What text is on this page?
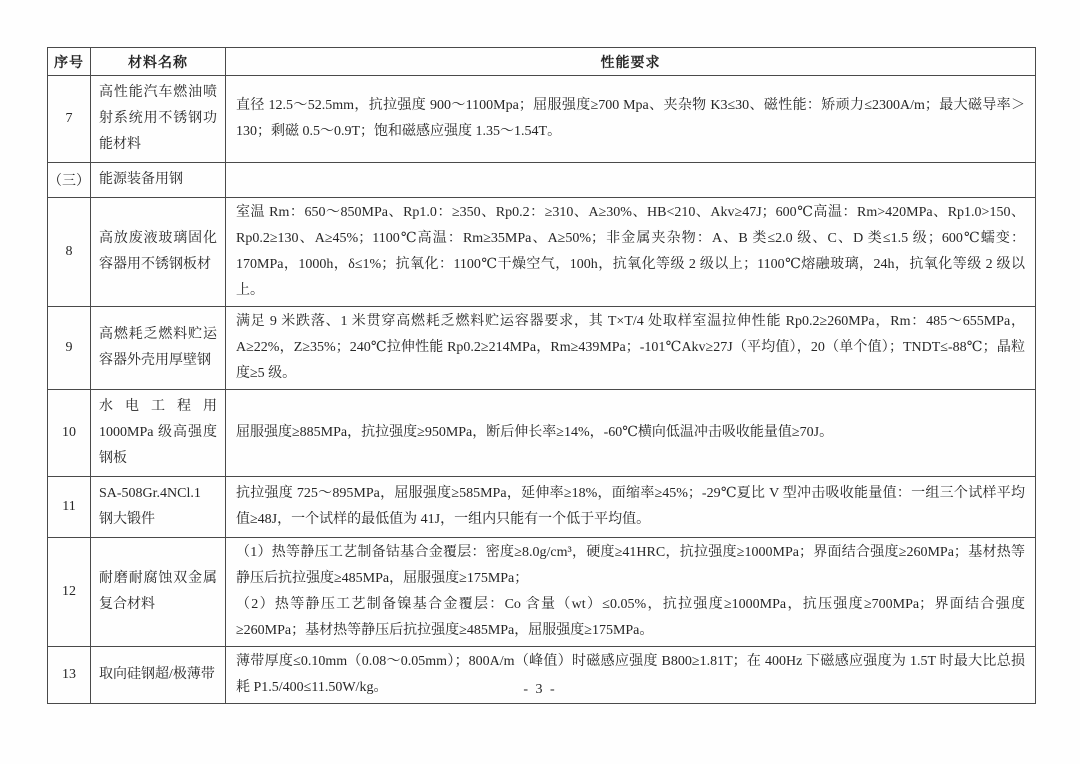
序号	材料名称	性能要求
7	高性能汽车燃油喷射系统用不锈钢功能材料	直径 12.5～52.5mm，抗拉强度 900～1100Mpa；屈服强度≥700 Mpa、夹杂物 K3≤30、磁性能：矫顽力≤2300A/m；最大磁导率＞130；剩磁 0.5～0.9T；饱和磁感应强度 1.35～1.54T。
（三）	能源装备用钢	
8	高放废液玻璃固化容器用不锈钢板材	室温 Rm：650～850MPa、Rp1.0：≥350、Rp0.2：≥310、A≥30%、HB<210、Akv≥47J；600℃高温：Rm>420MPa、Rp1.0>150、Rp0.2≥130、A≥45%；1100℃高温：Rm≥35MPa、A≥50%；非金属夹杂物：A、B 类≤2.0 级、C、D 类≤1.5 级；600℃蠕变：170MPa，1000h，δ≤1%；抗氧化：1100℃干燥空气，100h，抗氧化等级 2 级以上；1100℃熔融玻璃，24h，抗氧化等级 2 级以上。
9	高燃耗乏燃料贮运容器外壳用厚壁钢	满足 9 米跌落、1 米贯穿高燃耗乏燃料贮运容器要求，其 T×T/4 处取样室温拉伸性能 Rp0.2≥260MPa，Rm：485～655MPa，A≥22%，Z≥35%；240℃拉伸性能 Rp0.2≥214MPa，Rm≥439MPa；-101℃Akv≥27J（平均值），20（单个值）；TNDT≤-88℃；晶粒度≥5 级。
10	水电工程用 1000MPa 级高强度钢板	屈服强度≥885MPa，抗拉强度≥950MPa，断后伸长率≥14%，-60℃横向低温冲击吸收能量值≥70J。
11	SA-508Gr.4NCl.1 钢大锻件	抗拉强度 725～895MPa，屈服强度≥585MPa，延伸率≥18%，面缩率≥45%；-29℃夏比 V 型冲击吸收能量值：一组三个试样平均值≥48J，一个试样的最低值为 41J，一组内只能有一个低于平均值。
12	耐磨耐腐蚀双金属复合材料	（1）热等静压工艺制备钴基合金覆层：密度≥8.0g/cm³，硬度≥41HRC，抗拉强度≥1000MPa；界面结合强度≥260MPa；基材热等静压后抗拉强度≥485MPa，屈服强度≥175MPa；
（2）热等静压工艺制备镍基合金覆层：Co 含量（wt）≤0.05%，抗拉强度≥1000MPa，抗压强度≥700MPa；界面结合强度≥260MPa；基材热等静压后抗拉强度≥485MPa，屈服强度≥175MPa。

13	取向硅钢超/极薄带	薄带厚度≤0.10mm（0.08～0.05mm）；800A/m（峰值）时磁感应强度 B800≥1.81T；在 400Hz 下磁感应强度为 1.5T 时最大比总损耗 P1.5/400≤11.50W/kg。	- 3 -
